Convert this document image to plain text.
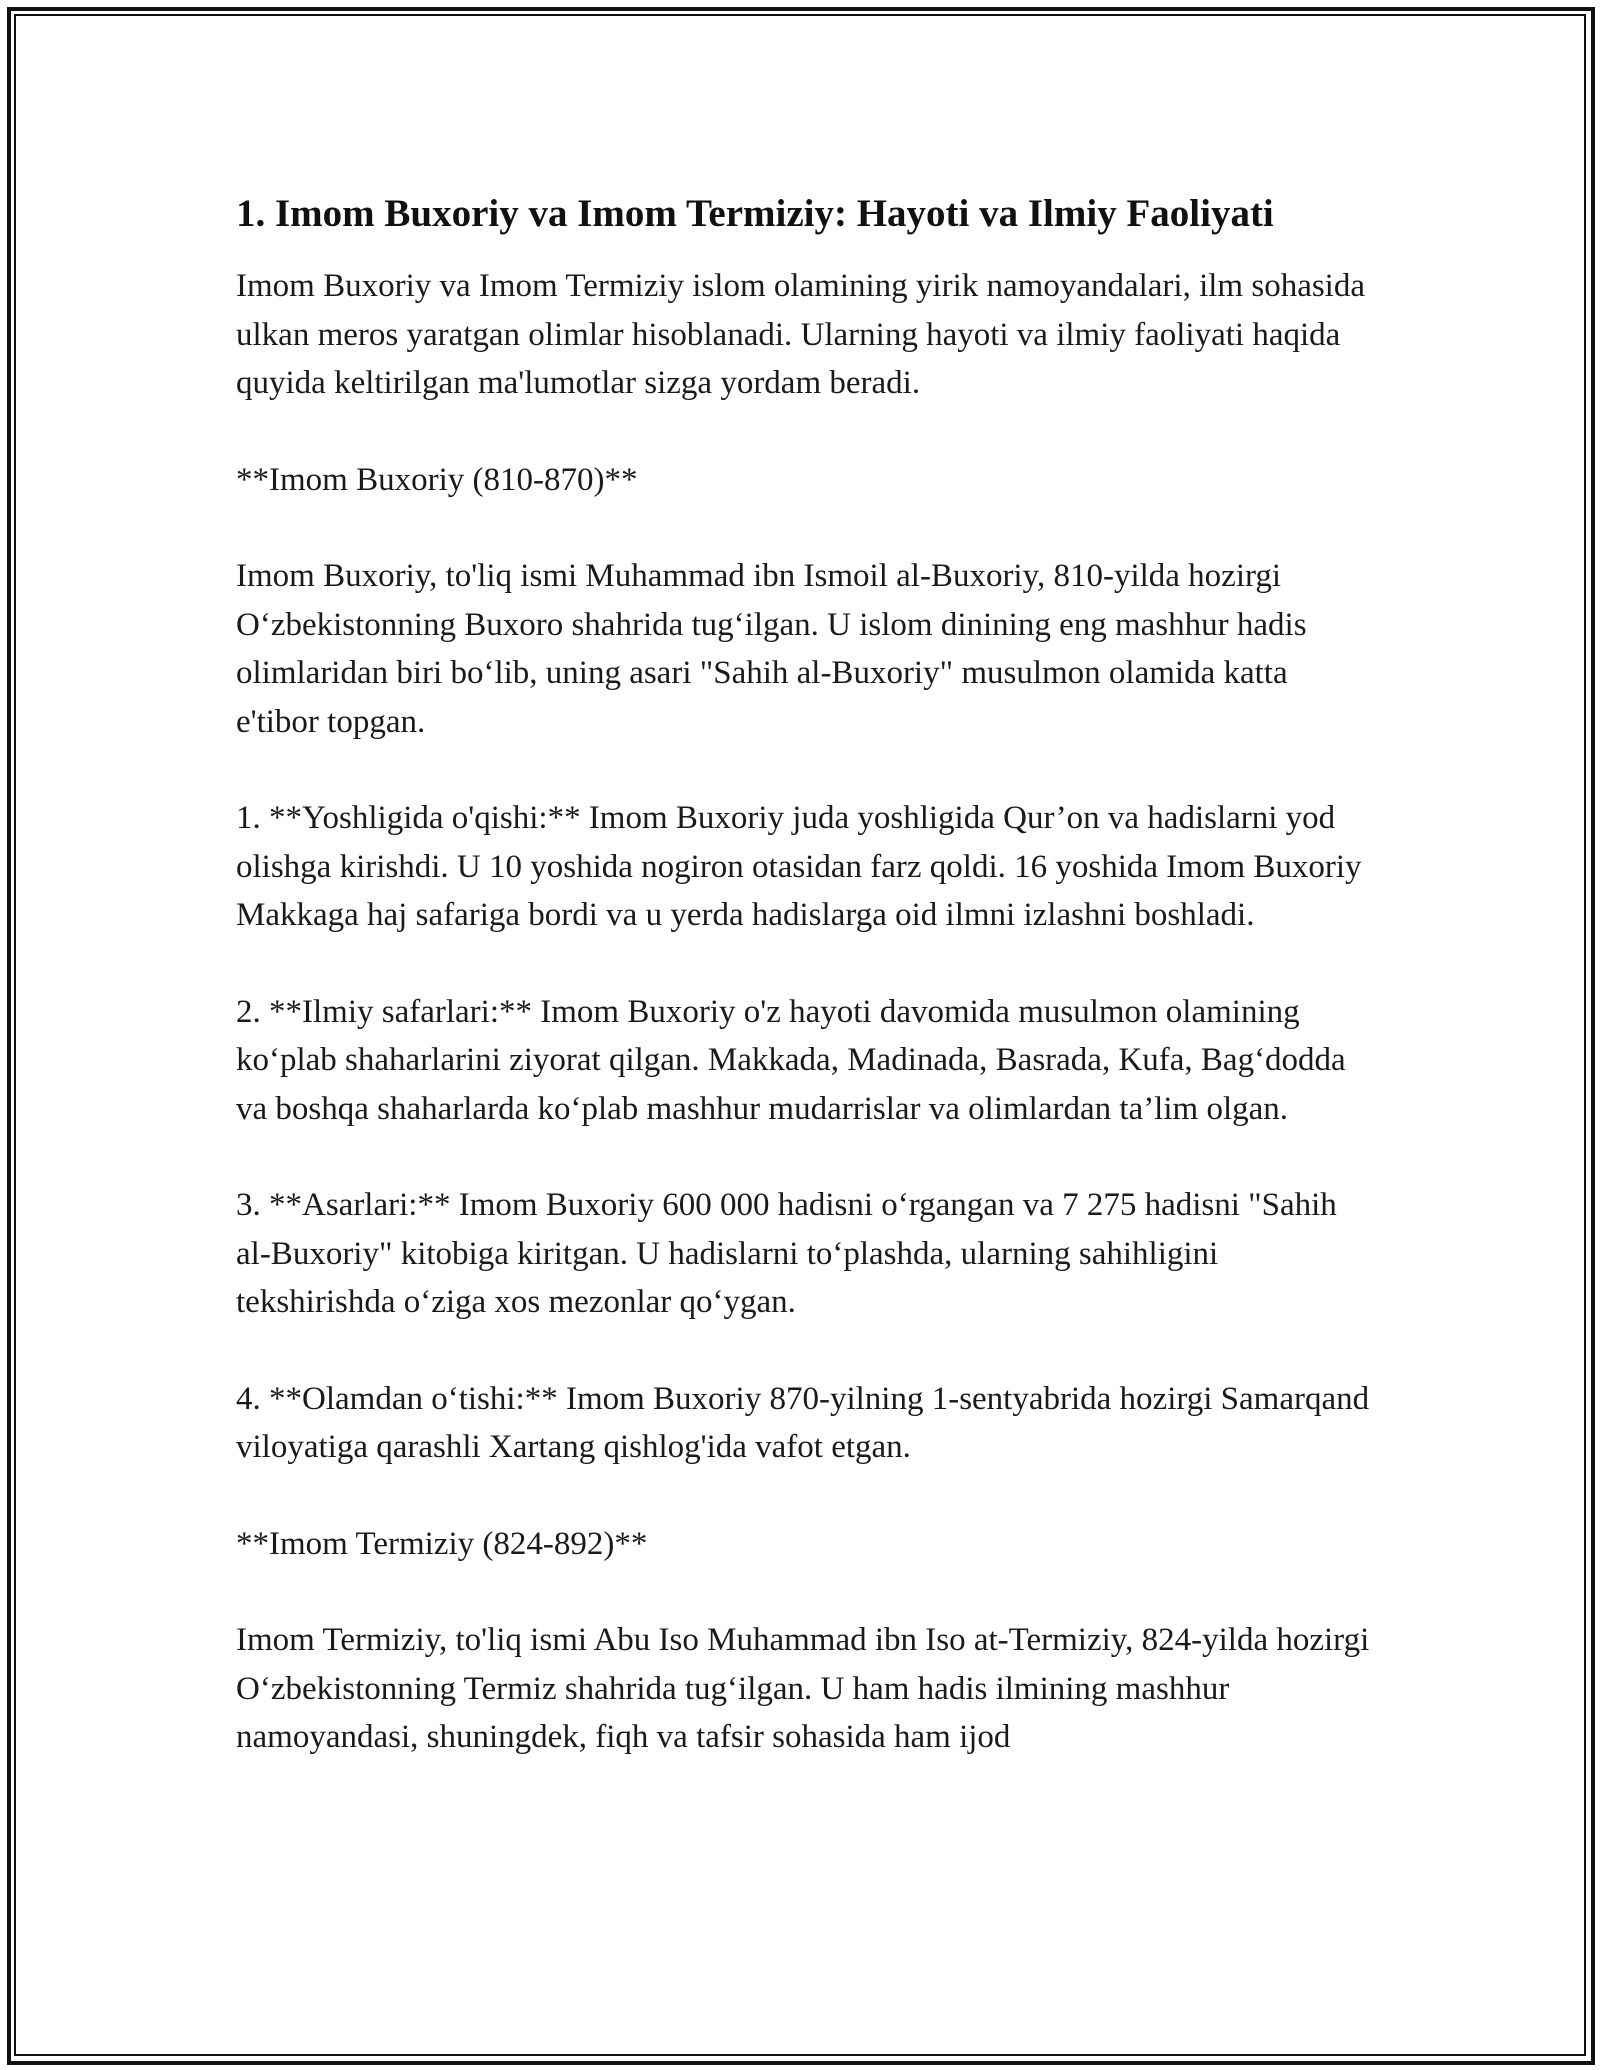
1. Imom Buxoriy va Imom Termiziy: Hayoti va Ilmiy Faoliyati

Imom Buxoriy va Imom Termiziy islom olamining yirik namoyandalari, ilm sohasida ulkan meros yaratgan olimlar hisoblanadi. Ularning hayoti va ilmiy faoliyati haqida quyida keltirilgan ma'lumotlar sizga yordam beradi.

**Imom Buxoriy (810-870)**

Imom Buxoriy, to'liq ismi Muhammad ibn Ismoil al-Buxoriy, 810-yilda hozirgi O‘zbekistonning Buxoro shahrida tug‘ilgan. U islom dinining eng mashhur hadis olimlaridan biri bo‘lib, uning asari "Sahih al-Buxoriy" musulmon olamida katta e'tibor topgan.

1. **Yoshligida o'qishi:** Imom Buxoriy juda yoshligida Qur’on va hadislarni yod olishga kirishdi. U 10 yoshida nogiron otasidan farz qoldi. 16 yoshida Imom Buxoriy Makkaga haj safariga bordi va u yerda hadislarga oid ilmni izlashni boshladi.

2. **Ilmiy safarlari:** Imom Buxoriy o'z hayoti davomida musulmon olamining ko‘plab shaharlarini ziyorat qilgan. Makkada, Madinada, Basrada, Kufa, Bag‘dodda va boshqa shaharlarda ko‘plab mashhur mudarrislar va olimlardan ta’lim olgan.

3. **Asarlari:** Imom Buxoriy 600 000 hadisni o‘rgangan va 7 275 hadisni "Sahih al-Buxoriy" kitobiga kiritgan. U hadislarni to‘plashda, ularning sahihligini tekshirishda o‘ziga xos mezonlar qo‘ygan.

4. **Olamdan o‘tishi:** Imom Buxoriy 870-yilning 1-sentyabrida hozirgi Samarqand viloyatiga qarashli Xartang qishlog'ida vafot etgan.

**Imom Termiziy (824-892)**

Imom Termiziy, to'liq ismi Abu Iso Muhammad ibn Iso at-Termiziy, 824-yilda hozirgi O‘zbekistonning Termiz shahrida tug‘ilgan. U ham hadis ilmining mashhur namoyandasi, shuningdek, fiqh va tafsir sohasida ham ijod
